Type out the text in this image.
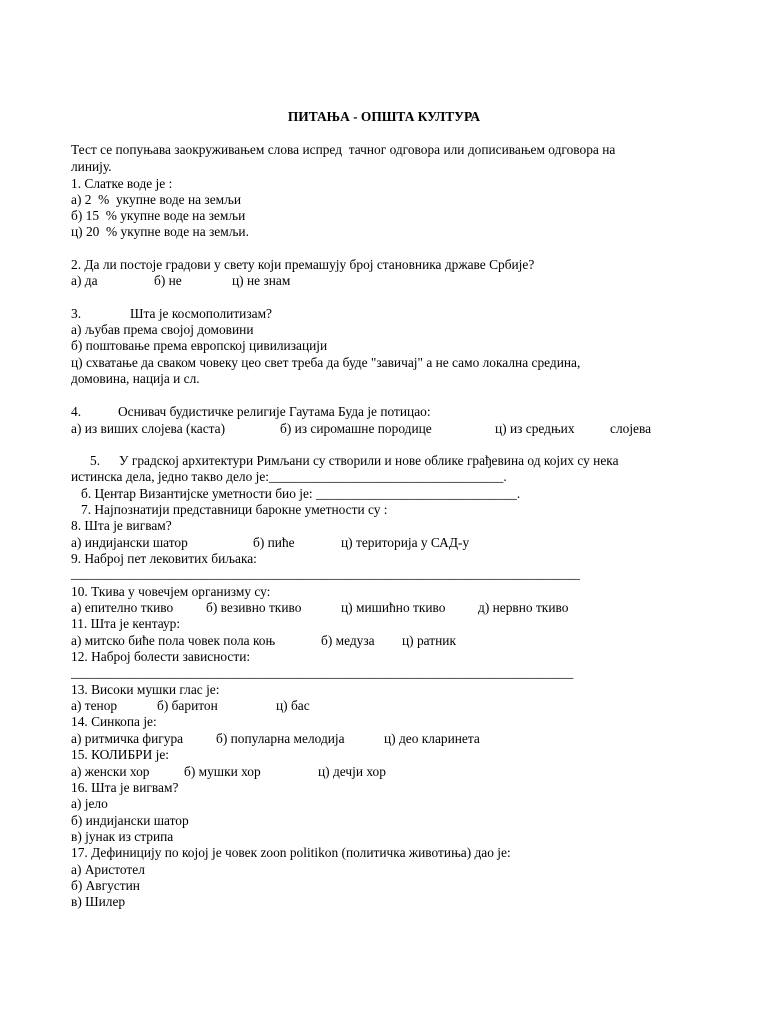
ПИТАЊА - ОПШТА КУЛТУРА
Тест се попуњава заокруживањем слова испред  тачног одговора или дописивањем одговора на
линију.
1. Слатке воде је :
а) 2  %  укупне воде на земљи
б) 15  % укупне воде на земљи
ц) 20  % укупне воде на земљи.
2. Да ли постоје градови у свету који премашују број становника државе Србије?
а) да	б) не	ц) не знам
3.	Шта је космополитизам?
а) љубав према својој домовини
б) поштовање према европској цивилизацији
ц) схватање да сваком човеку цео свет треба да буде "завичај" а не само локална средина,
домовина, нација и сл.
4.	Оснивач будистичке религије Гаутама Буда је потицао:
а) из виших слојева (каста)	б) из сиромашне породице	ц) из средњих	слојева
5. У градској архитектури Римљани су створили и нове облике грађевина од којих су нека
истинска дела, једно такво дело је:___________________________________.
б. Центар Византијске уметности био је: ______________________________.
7. Најпознатији представници барокне уметности су :
8. Шта је вигвам?
а) индијански шатор	б) пиће	ц) територија у САД-у
9. Наброј пет лековитих биљака:
____________________________________________________________________________
10. Ткива у човечјем организму су:
а) епително ткиво б) везивно ткиво	ц) мишићно ткиво д) нервно ткиво
11. Шта је кентаур:
а) митско биће пола човек пола коњ	б) медуза ц) ратник
12. Наброј болести зависности:
___________________________________________________________________________
13. Високи мушки глас је:
а) тенор	б) баритон	ц) бас
14. Синкопа је:
а) ритмичка фигура б) популарна мелодија	ц) део кларинета
15. КОЛИБРИ је:
а) женски хор	б) мушки хор	ц) дечји хор
16. Шта је вигвам?
а) јело
б) индијански шатор
в) јунак из стрипа
17. Дефиницију по којој је човек zoon politikon (политичка животиња) дао је:
а) Аристотел
б) Августин
в) Шилер
